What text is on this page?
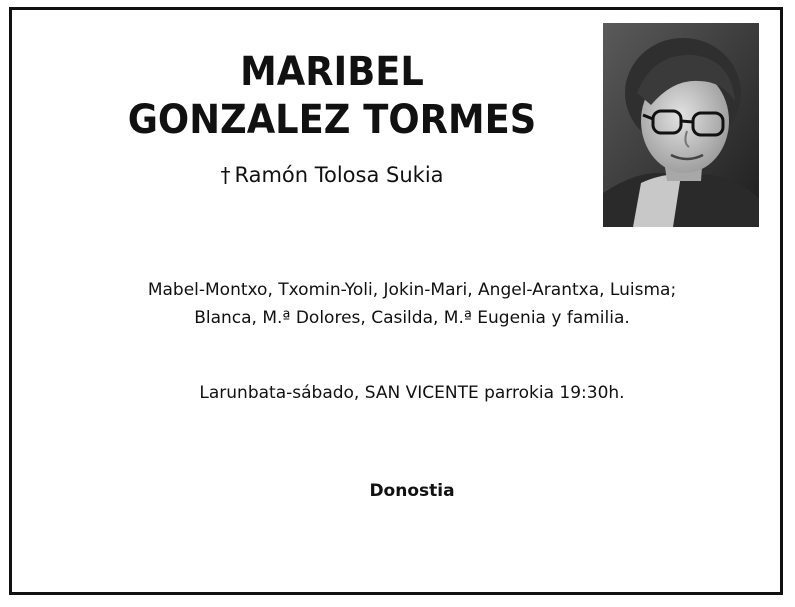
MARIBEL
GONZALEZ TORMES
† Ramón Tolosa Sukia
Mabel-Montxo, Txomin-Yoli, Jokin-Mari, Angel-Arantxa, Luisma;
Blanca, M.ª Dolores, Casilda, M.ª Eugenia y familia.
Larunbata-sábado, SAN VICENTE parrokia 19:30h.
Donostia
